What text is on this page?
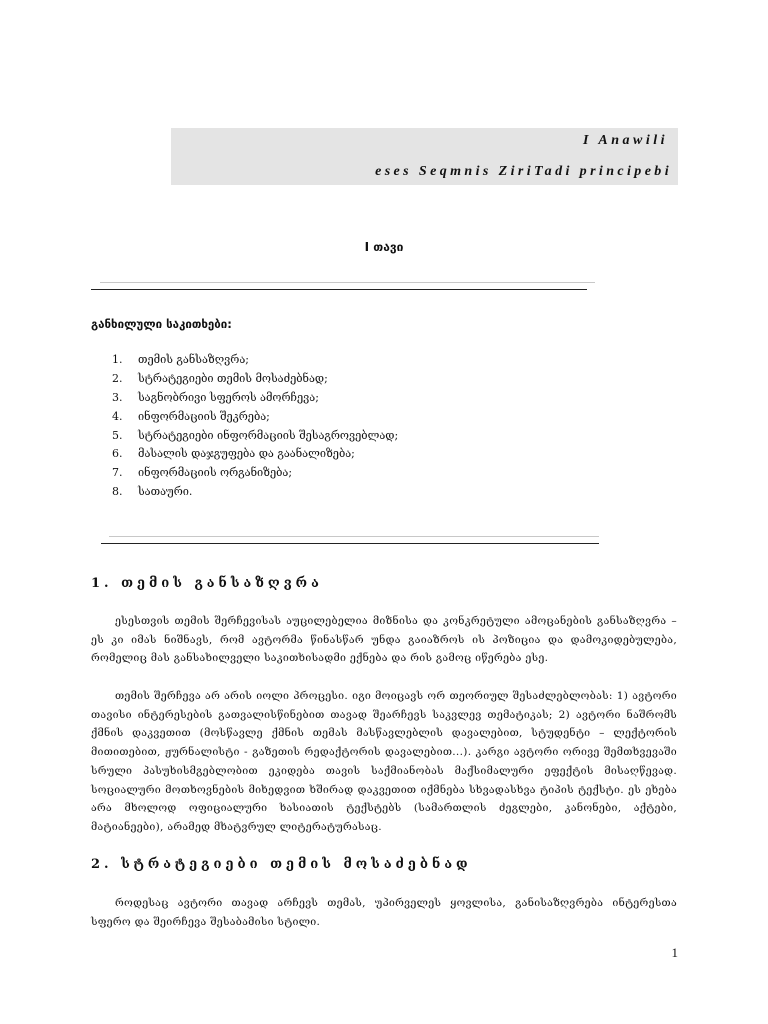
I Anawili
eses Seqmnis ZiriTadi principebi
I თავი
განხილული საკითხები:
1. თემის განსაზღვრა;
2. სტრატეგიები თემის მოსაძებნად;
3. საგნობრივი სფეროს ამორჩევა;
4. ინფორმაციის შეკრება;
5. სტრატეგიები ინფორმაციის შესაგროვებლად;
6. მასალის დაჯგუფება და გაანალიზება;
7. ინფორმაციის ორგანიზება;
8. სათაური.
1. თემის განსაზღვრა
ესესთვის თემის შერჩევისას აუცილებელია მიზნისა და კონკრეტული ამოცანების განსაზღვრა – ეს კი იმას ნიშნავს, რომ ავტორმა წინასწარ უნდა გაიაზროს ის პოზიცია და დამოკიდებულება, რომელიც მას განსახილველი საკითხისადმი ექნება და რის გამოც იწერება ესე.
თემის შერჩევა არ არის იოლი პროცესი. იგი მოიცავს ორ თეორიულ შესაძლებლობას: 1) ავტორი თავისი ინტერესების გათვალისწინებით თავად შეარჩევს საკვლევ თემატიკას; 2) ავტორი ნაშრომს ქმნის დაკვეთით (მოსწავლე ქმნის თემას მასწავლებლის დავალებით, სტუდენტი – ლექტორის მითითებით, ჟურნალისტი - გაზეთის რედაქტორის დავალებით...). კარგი ავტორი ორივე შემთხვევაში სრული პასუხისმგებლობით ეკიდება თავის საქმიანობას მაქსიმალური ეფექტის მისაღწევად. სოციალური მოთხოვნების მიხედვით ხშირად დაკვეთით იქმნება სხვადასხვა ტიპის ტექსტი. ეს ეხება არა მხოლოდ ოფიციალური ხასიათის ტექსტებს (სამართლის ძეგლები, კანონები, აქტები, მატიანეები), არამედ მხატვრულ ლიტერატურასაც.
2. სტრატეგიები თემის მოსაძებნად
როდესაც ავტორი თავად არჩევს თემას, უპირველეს ყოვლისა, განისაზღვრება ინტერესთა სფერო და შეირჩევა შესაბამისი სტილი.
1
